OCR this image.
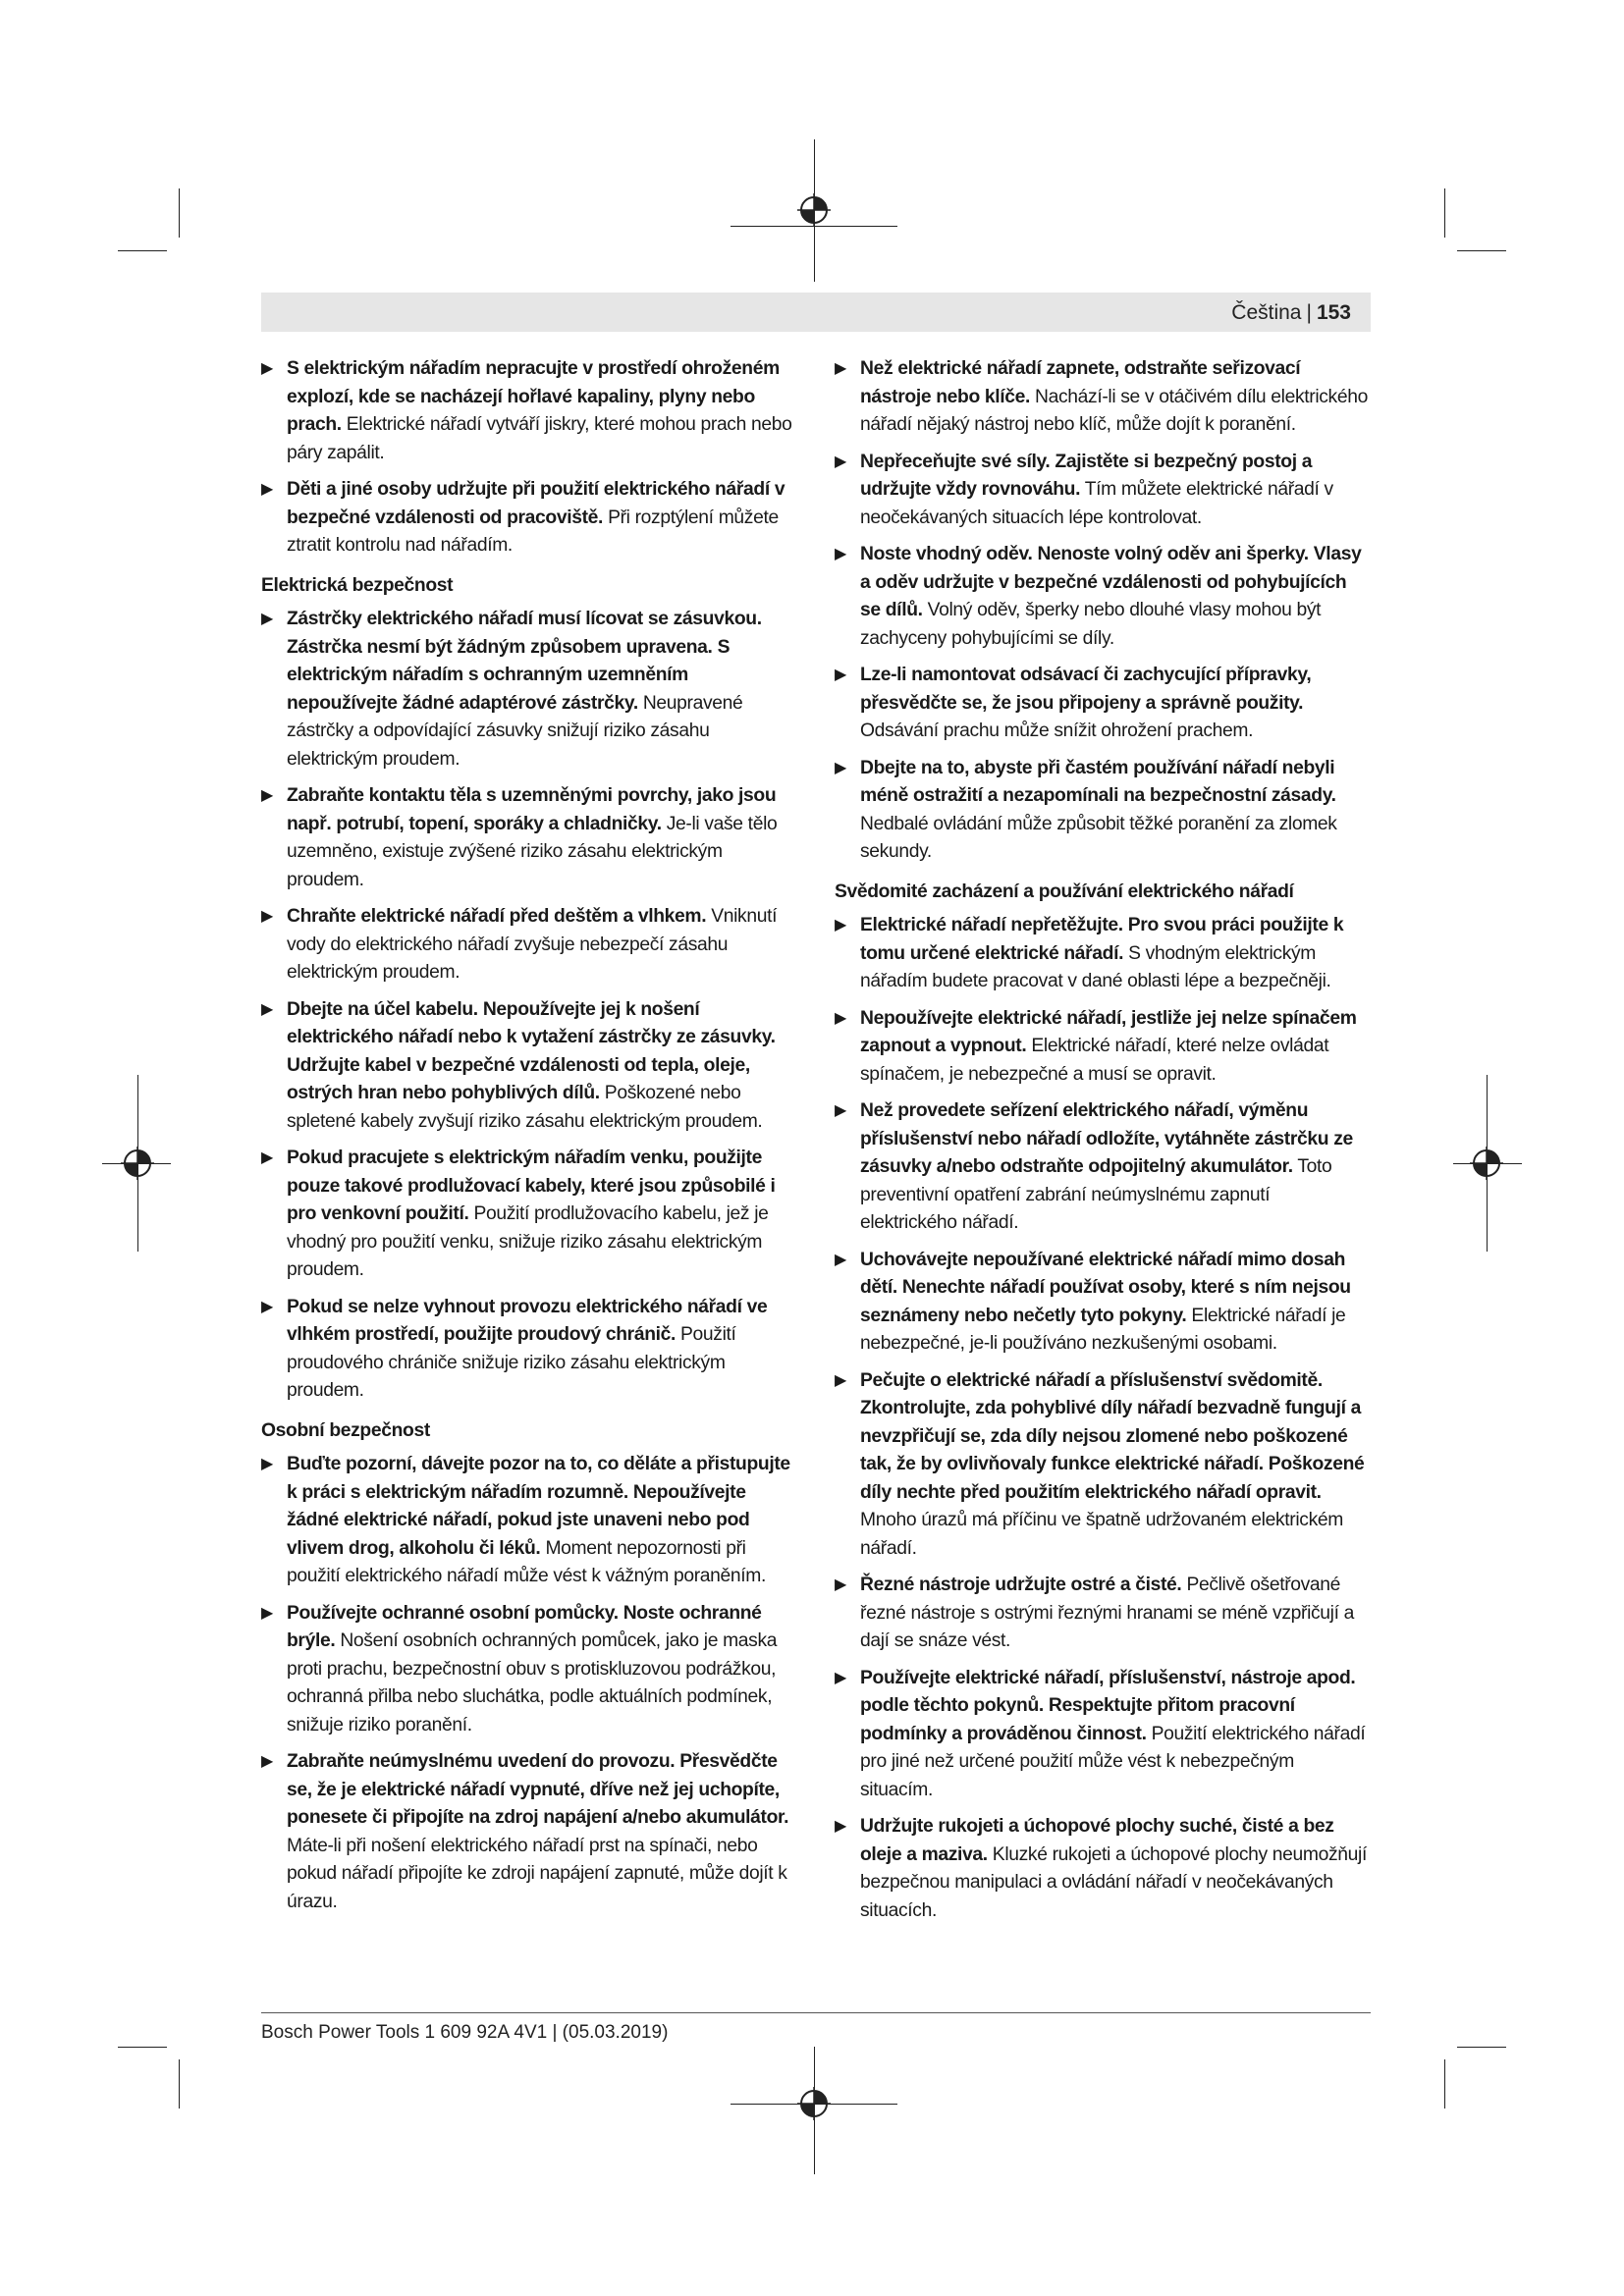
Čeština | 153
▶ S elektrickým nářadím nepracujte v prostředí ohroženém explozí, kde se nacházejí hořlavé kapaliny, plyny nebo prach. Elektrické nářadí vytváří jiskry, které mohou prach nebo páry zapálit.
▶ Děti a jiné osoby udržujte při použití elektrického nářadí v bezpečné vzdálenosti od pracoviště. Při rozptýlení můžete ztratit kontrolu nad nářadím.
Elektrická bezpečnost
▶ Zástrčky elektrického nářadí musí lícovat se zásuvkou. Zástrčka nesmí být žádným způsobem upravena. S elektrickým nářadím s ochranným uzemněním nepoužívejte žádné adaptérové zástrčky. Neupravené zástrčky a odpovídající zásuvky snižují riziko zásahu elektrickým proudem.
▶ Zabraňte kontaktu těla s uzemněnými povrchy, jako jsou např. potrubí, topení, sporáky a chladničky. Je-li vaše tělo uzemněno, existuje zvýšené riziko zásahu elektrickým proudem.
▶ Chraňte elektrické nářadí před deštěm a vlhkem. Vniknutí vody do elektrického nářadí zvyšuje nebezpečí zásahu elektrickým proudem.
▶ Dbejte na účel kabelu. Nepoužívejte jej k nošení elektrického nářadí nebo k vytažení zástrčky ze zásuvky. Udržujte kabel v bezpečné vzdálenosti od tepla, oleje, ostrých hran nebo pohyblivých dílů. Poškozené nebo spletené kabely zvyšují riziko zásahu elektrickým proudem.
▶ Pokud pracujete s elektrickým nářadím venku, použijte pouze takové prodlužovací kabely, které jsou způsobilé i pro venkovní použití. Použití prodlužovacího kabelu, jež je vhodný pro použití venku, snižuje riziko zásahu elektrickým proudem.
▶ Pokud se nelze vyhnout provozu elektrického nářadí ve vlhkém prostředí, použijte proudový chránič. Použití proudového chrániče snižuje riziko zásahu elektrickým proudem.
Osobní bezpečnost
▶ Buďte pozorní, dávejte pozor na to, co děláte a přistupujte k práci s elektrickým nářadím rozumně. Nepoužívejte žádné elektrické nářadí, pokud jste unaveni nebo pod vlivem drog, alkoholu či léků. Moment nepozornosti při použití elektrického nářadí může vést k vážným poraněním.
▶ Používejte ochranné osobní pomůcky. Noste ochranné brýle. Nošení osobních ochranných pomůcek, jako je maska proti prachu, bezpečnostní obuv s protiskluzovou podrážkou, ochranná přilba nebo sluchátka, podle aktuálních podmínek, snižuje riziko poranění.
▶ Zabraňte neúmyslnému uvedení do provozu. Přesvědčte se, že je elektrické nářadí vypnuté, dříve než jej uchopíte, ponesete či připojíte na zdroj napájení a/nebo akumulátor. Máte-li při nošení elektrického nářadí prst na spínači, nebo pokud nářadí připojíte ke zdroji napájení zapnuté, může dojít k úrazu.
▶ Než elektrické nářadí zapnete, odstraňte seřizovací nástroje nebo klíče. Nachází-li se v otáčivém dílu elektrického nářadí nějaký nástroj nebo klíč, může dojít k poranění.
▶ Nepřeceňujte své síly. Zajistěte si bezpečný postoj a udržujte vždy rovnováhu. Tím můžete elektrické nářadí v neočekávaných situacích lépe kontrolovat.
▶ Noste vhodný oděv. Nenoste volný oděv ani šperky. Vlasy a oděv udržujte v bezpečné vzdálenosti od pohybujících se dílů. Volný oděv, šperky nebo dlouhé vlasy mohou být zachyceny pohybujícími se díly.
▶ Lze-li namontovat odsávací či zachycující přípravky, přesvědčte se, že jsou připojeny a správně použity. Odsávání prachu může snížit ohrožení prachem.
▶ Dbejte na to, abyste při častém používání nářadí nebyli méně ostražití a nezapomínali na bezpečnostní zásady. Nedbalé ovládání může způsobit těžké poranění za zlomek sekundy.
Svědomité zacházení a používání elektrického nářadí
▶ Elektrické nářadí nepřetěžujte. Pro svou práci použijte k tomu určené elektrické nářadí. S vhodným elektrickým nářadím budete pracovat v dané oblasti lépe a bezpečněji.
▶ Nepoužívejte elektrické nářadí, jestliže jej nelze spínačem zapnout a vypnout. Elektrické nářadí, které nelze ovládat spínačem, je nebezpečné a musí se opravit.
▶ Než provedete seřízení elektrického nářadí, výměnu příslušenství nebo nářadí odložíte, vytáhněte zástrčku ze zásuvky a/nebo odstraňte odpojitelný akumulátor. Toto preventivní opatření zabrání neúmyslnému zapnutí elektrického nářadí.
▶ Uchovávejte nepoužívané elektrické nářadí mimo dosah dětí. Nenechte nářadí používat osoby, které s ním nejsou seznámeny nebo nečetly tyto pokyny. Elektrické nářadí je nebezpečné, je-li používáno nezkušenými osobami.
▶ Pečujte o elektrické nářadí a příslušenství svědomitě. Zkontrolujte, zda pohyblivé díly nářadí bezvadně fungují a nevzpřičují se, zda díly nejsou zlomené nebo poškozené tak, že by ovlivňovaly funkce elektrické nářadí. Poškozené díly nechte před použitím elektrického nářadí opravit. Mnoho úrazů má příčinu ve špatně udržovaném elektrickém nářadí.
▶ Řezné nástroje udržujte ostré a čisté. Pečlivě ošetřované řezné nástroje s ostrými řeznými hranami se méně vzpřičují a dají se snáze vést.
▶ Používejte elektrické nářadí, příslušenství, nástroje apod. podle těchto pokynů. Respektujte přitom pracovní podmínky a prováděnou činnost. Použití elektrického nářadí pro jiné než určené použití může vést k nebezpečným situacím.
▶ Udržujte rukojeti a úchopové plochy suché, čisté a bez oleje a maziva. Kluzké rukojeti a úchopové plochy neumožňují bezpečnou manipulaci a ovládání nářadí v neočekávaných situacích.
Bosch Power Tools 1 609 92A 4V1 | (05.03.2019)
